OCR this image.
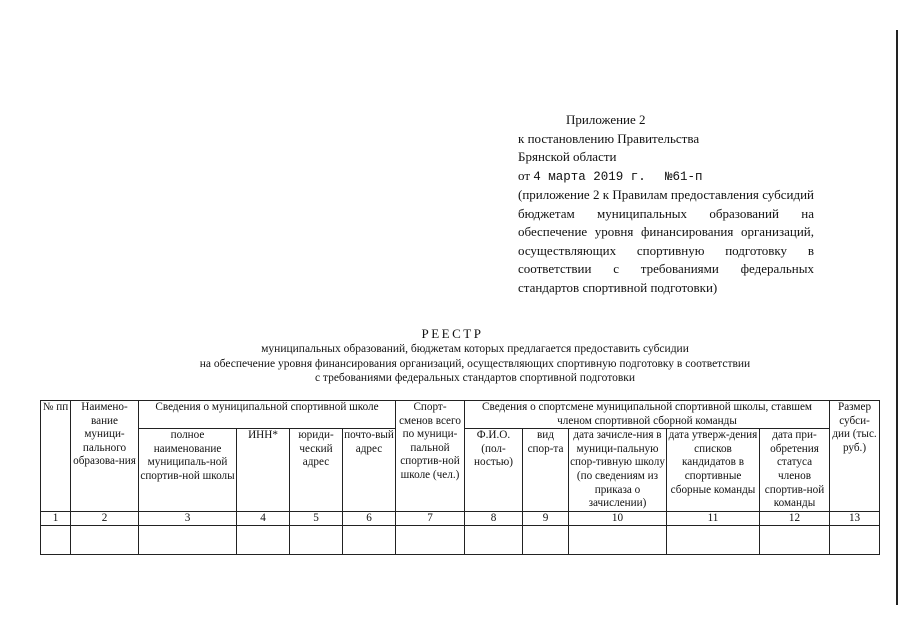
Приложение 2
к постановлению Правительства
Брянской области
от 4 марта 2019 г. №61-п
(приложение 2 к Правилам предоставления субсидий бюджетам муниципальных образований на обеспечение уровня финансирования организаций, осуществляющих спортивную подготовку в соответствии с требованиями федеральных стандартов спортивной подготовки)
РЕЕСТР
муниципальных образований, бюджетам которых предлагается предоставить субсидии
на обеспечение уровня финансирования организаций, осуществляющих спортивную подготовку в соответствии
с требованиями федеральных стандартов спортивной подготовки
№ пп	Наимено-вание муници-пального образова-ния	Сведения о муниципальной спортивной школе				Спорт-сменов всего по муници-пальной спортив-ной школе (чел.)	Сведения о спортсмене муниципальной спортивной школы, ставшем членом спортивной сборной команды					Размер субси-дии (тыс. руб.)
		полное наименование муниципаль-ной спортив-ной школы	ИНН*	юриди-ческий адрес	почто-вый адрес		Ф.И.О. (пол-ностью)	вид спор-та	дата зачисле-ния в муници-пальную спор-тивную школу (по сведениям из приказа о зачислении)	дата утверж-дения списков кандидатов в спортивные сборные команды	дата при-обретения статуса членов спортив-ной команды	
1	2	3	4	5	6	7	8	9	10	11	12	13
